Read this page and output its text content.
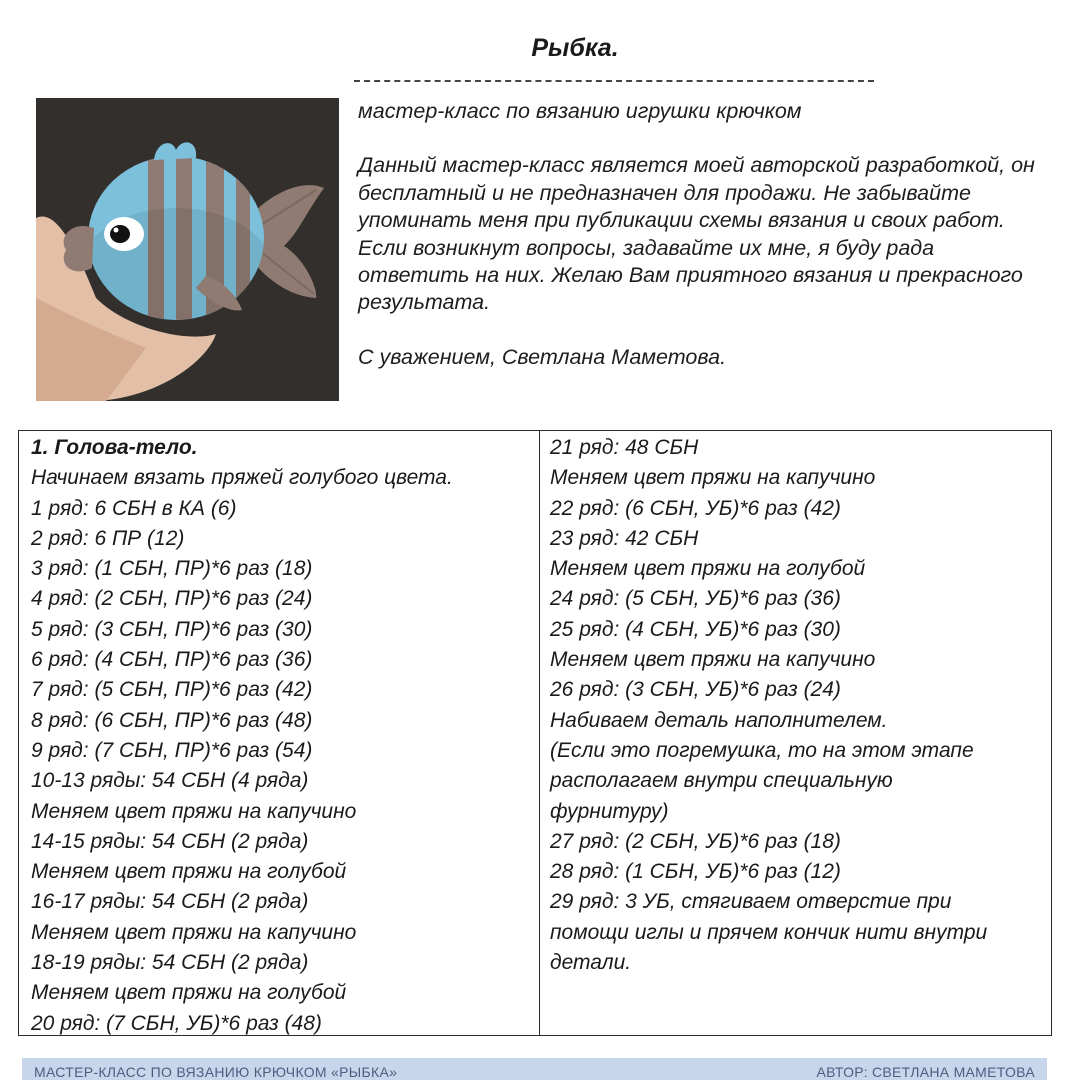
Рыбка.

мастер-класс по вязанию игрушки крючком

Данный мастер-класс является моей авторской разработкой, он бесплатный и не предназначен для продажи. Не забывайте упоминать меня при публикации схемы вязания и своих работ. Если возникнут вопросы, задавайте их мне, я буду рада ответить на них. Желаю Вам приятного вязания и прекрасного результата.

С уважением, Светлана Маметова.

1. Голова-тело.
Начинаем вязать пряжей голубого цвета.
1 ряд: 6 СБН в КА (6)
2 ряд: 6 ПР (12)
3 ряд: (1 СБН, ПР)*6 раз (18)
4 ряд: (2 СБН, ПР)*6 раз (24)
5 ряд: (3 СБН, ПР)*6 раз (30)
6 ряд: (4 СБН, ПР)*6 раз (36)
7 ряд: (5 СБН, ПР)*6 раз (42)
8 ряд: (6 СБН, ПР)*6 раз (48)
9 ряд: (7 СБН, ПР)*6 раз (54)
10-13 ряды: 54 СБН (4 ряда)
Меняем цвет пряжи на капучино
14-15 ряды: 54 СБН (2 ряда)
Меняем цвет пряжи на голубой
16-17 ряды: 54 СБН (2 ряда)
Меняем цвет пряжи на капучино
18-19 ряды: 54 СБН (2 ряда)
Меняем цвет пряжи на голубой
20 ряд: (7 СБН, УБ)*6 раз (48)
21 ряд: 48 СБН
Меняем цвет пряжи на капучино
22 ряд: (6 СБН, УБ)*6 раз (42)
23 ряд: 42 СБН
Меняем цвет пряжи на голубой
24 ряд: (5 СБН, УБ)*6 раз (36)
25 ряд: (4 СБН, УБ)*6 раз (30)
Меняем цвет пряжи на капучино
26 ряд: (3 СБН, УБ)*6 раз (24)
Набиваем деталь наполнителем.
(Если это погремушка, то на этом этапе
располагаем внутри специальную
фурнитуру)
27 ряд: (2 СБН, УБ)*6 раз (18)
28 ряд: (1 СБН, УБ)*6 раз (12)
29 ряд: 3 УБ, стягиваем отверстие при
помощи иглы и прячем кончик нити внутри
детали.
МАСТЕР-КЛАСС ПО ВЯЗАНИЮ КРЮЧКОМ «РЫБКА»	АВТОР: СВЕТЛАНА МАМЕТОВА
